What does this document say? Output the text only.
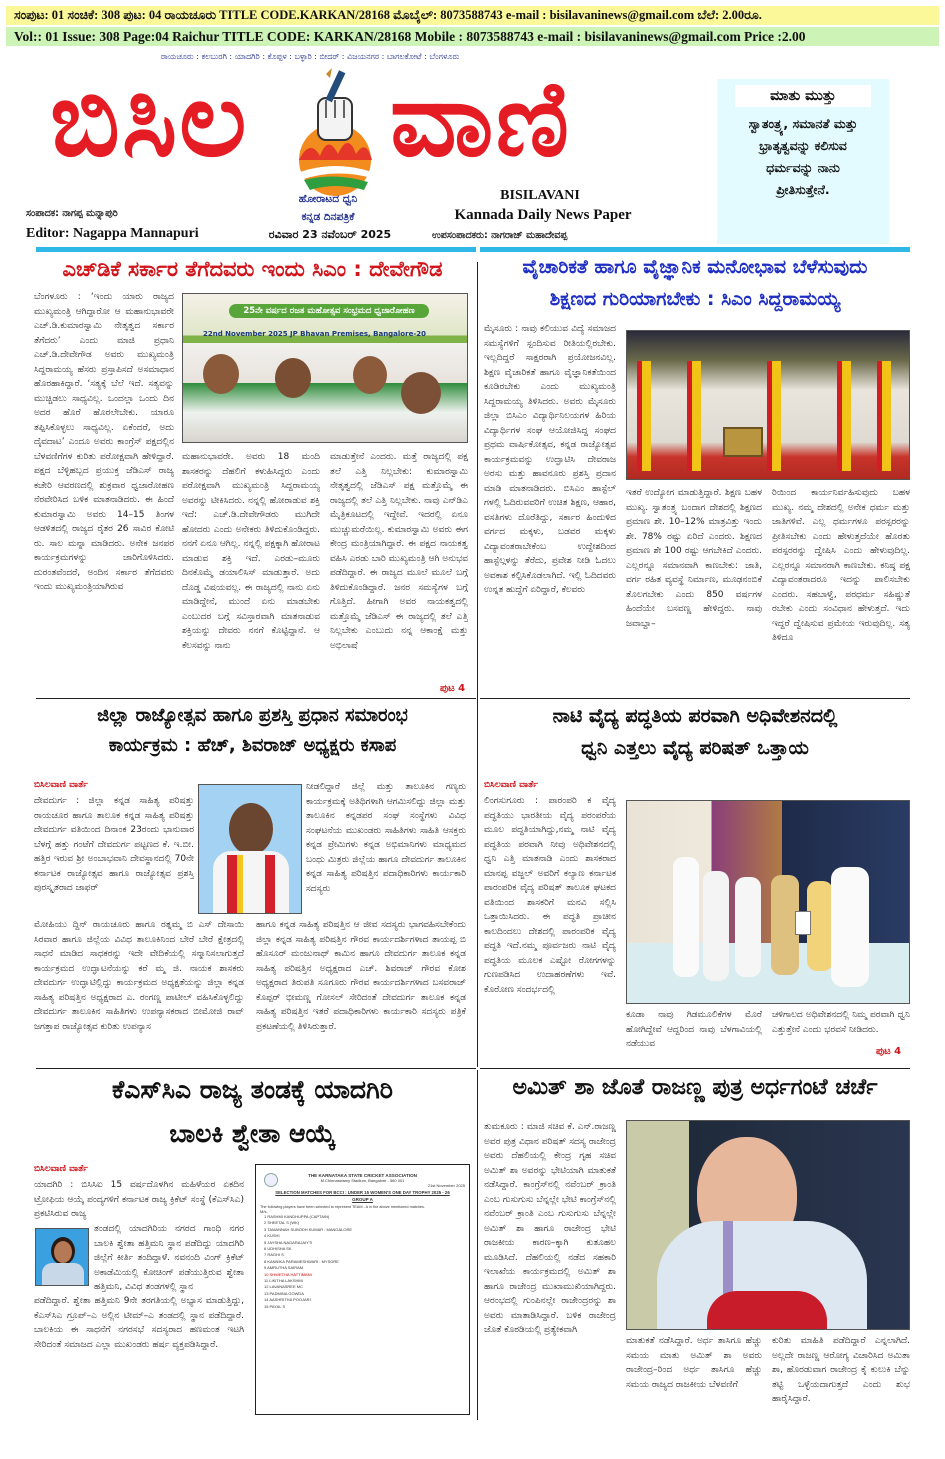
ಸಂಪುಟ: 01 ಸಂಚಿಕೆ: 308 ಪುಟ: 04 ರಾಯಚೂರು TITLE CODE.KARKAN/28168 ಮೊಬೈಲ್: 8073588743 e-mail : bisilavaninews@gmail.com ಬೆಲೆ: 2.00ರೂ.
Vol:: 01 Issue: 308 Page:04 Raichur TITLE CODE: KARKAN/28168 Mobile : 8073588743 e-mail : bisilavaninews@gmail.com Price :2.00
ರಾಯಚೂರು : ಕಲಬುರಗಿ : ಯಾದಗಿರಿ : ಕೊಪ್ಪಳ : ಬಳ್ಳಾರಿ : ಬೀದರ್ : ವಿಜಯನಗರ : ಬಾಗಲಕೋಟೆ : ಬೆಂಗಳೂರು
ಬಿಸಿಲ ವಾಣಿ
ಹೋರಾಟದ ಧ್ವನಿ
ಕನ್ನಡ ದಿನಪತ್ರಿಕೆ
ರವಿವಾರ 23 ನವೆಂಬರ್ 2025
ಸಂಪಾದಕ: ನಾಗಪ್ಪ ಮನ್ನಾಪುರಿ
Editor: Nagappa Mannapuri
BISILAVANI
Kannada Daily News Paper
ಉಪಸಂಪಾದಕರು: ನಾಗರಾಜ್ ಮಹಾದೇವಪ್ಪ
ಮಾತು ಮುತ್ತು
ಸ್ವಾತಂತ್ರ್ಯ, ಸಮಾನತೆ ಮತ್ತು
ಭ್ರಾತೃತ್ವವನ್ನು ಕಲಿಸುವ
ಧರ್ಮವನ್ನು ನಾನು
ಪ್ರೀತಿಸುತ್ತೇನೆ.
ಎಚ್‌ಡಿಕೆ ಸರ್ಕಾರ ತೆಗೆದವರು ಇಂದು ಸಿಎಂ : ದೇವೇಗೌಡ
25ನೇ ವರ್ಷದ ರಜತ ಮಹೋತ್ಸವ ಸಂಭ್ರಮದ ಧ್ವಜಾರೋಹಣ
22nd November 2025 JP Bhavan Premises, Bangalore-20
ಬೆಂಗಳೂರು : ‘ಇಂದು ಯಾರು ರಾಜ್ಯದ ಮುಖ್ಯಮಂತ್ರಿ ಆಗಿದ್ದಾರೋ ಆ ಮಹಾನುಭಾವರೇ ಎಚ್.ಡಿ.ಕುಮಾರಸ್ವಾಮಿ ನೇತೃತ್ವದ ಸರ್ಕಾರ ತೆಗೆದರು’ ಎಂದು ಮಾಜಿ ಪ್ರಧಾನಿ ಎಚ್.ಡಿ.ದೇವೇಗೌಡ ಅವರು ಮುಖ್ಯಮಂತ್ರಿ ಸಿದ್ದರಾಮಯ್ಯ ಹೆಸರು ಪ್ರಸ್ತಾಪಿಸದೆ ಅಸಮಾಧಾನ ಹೊರಹಾಕಿದ್ದಾರೆ. ‘ಸತ್ಯಕ್ಕೆ ಬೆಲೆ ಇದೆ. ಸತ್ಯವನ್ನು ಮುಚ್ಚಿಡಲು ಸಾಧ್ಯವಿಲ್ಲ. ಒಂದಲ್ಲಾ ಒಂದು ದಿನ ಅದರ ಹೊರೆ ಹೊರಲೇಬೇಕು. ಯಾರೂ ತಪ್ಪಿಸಿಕೊಳ್ಳಲು ಸಾಧ್ಯವಿಲ್ಲ. ಏಕೆಂದರೆ, ಅದು ದೈವದಾಟ’ ಎಂದೂ ಅವರು ಕಾಂಗ್ರೆಸ್ ಪಕ್ಷದಲ್ಲಿನ ಬೆಳವಣಿಗೆಗಳ ಕುರಿತು ಪರೋಕ್ಷವಾಗಿ ಹೇಳಿದ್ದಾರೆ. ಪಕ್ಷದ ಬೆಳ್ಳಿಹಬ್ಬದ ಪ್ರಯುಕ್ತ ಜೆಡಿಎಸ್ ರಾಜ್ಯ ಕಚೇರಿ ಆವರಣದಲ್ಲಿ ಶುಕ್ರವಾರ ಧ್ವಜಾರೋಹಣ ನೆರವೇರಿಸಿದ ಬಳಿಕ ಮಾತನಾಡಿದರು. ಈ ಹಿಂದೆ ಕುಮಾರಸ್ವಾಮಿ ಅವರು 14–15 ತಿಂಗಳ ಆಡಳಿತದಲ್ಲಿ ರಾಜ್ಯದ ರೈತರ 26 ಸಾವಿರ ಕೋಟಿ ರು. ಸಾಲ ಮನ್ನಾ ಮಾಡಿದರು. ಅನೇಕ ಜನಪರ ಕಾರ್ಯಕ್ರಮಗಳನ್ನು ಜಾರಿಗೊಳಿಸಿದರು. ದುರಂತವೆಂದರೆ, ಅಂದಿನ ಸರ್ಕಾರ ತೆಗೆದವರು ಇಂದು ಮುಖ್ಯಮಂತ್ರಿಯಾಗಿರುವ
ಮಹಾನುಭಾವರೇ. ಅವರು 18 ಮಂದಿ ಶಾಸಕರನ್ನು ದೆಹಲಿಗೆ ಕಳುಹಿಸಿದ್ದರು ಎಂದು ಪರೋಕ್ಷವಾಗಿ ಮುಖ್ಯಮಂತ್ರಿ ಸಿದ್ದರಾಮಯ್ಯ ಅವರನ್ನು ಟೀಕಿಸಿದರು. ನನ್ನಲ್ಲಿ ಹೋರಾಡುವ ಶಕ್ತಿ ಇದೆ: ಎಚ್.ಡಿ.ದೇವೇಗೌಡರು ಮುಗಿದೇ ಹೋದರು ಎಂದು ಅನೇಕರು ತಿಳಿದುಕೊಂಡಿದ್ದರು. ನನಗೆ ಏನೂ ಆಗಿಲ್ಲ. ನನ್ನಲ್ಲಿ ಪಕ್ಷಕ್ಕಾಗಿ ಹೋರಾಟ ಮಾಡುವ ಶಕ್ತಿ ಇದೆ. ಎರಡು–ಮೂರು ದಿನಕೊಮ್ಮೆ ಡಯಾಲಿಸಿಸ್ ಮಾಡುತ್ತಾರೆ. ಅದು ದೊಡ್ಡ ವಿಷಯವಲ್ಲ. ಈ ರಾಜ್ಯದಲ್ಲಿ ನಾನು ಏನು ಮಾಡಿದ್ದೇನೆ, ಮುಂದೆ ಏನು ಮಾಡಬೇಕು ಎಂಬುದರ ಬಗ್ಗೆ ಸವಿಸ್ತಾರವಾಗಿ ಮಾತನಾಡುವ ಶಕ್ತಿಯನ್ನು ದೇವರು ನನಗೆ ಕೊಟ್ಟಿದ್ದಾನೆ. ಆ ಕೆಲಸವನ್ನು ನಾನು
ಮಾಡುತ್ತೇನೆ ಎಂದರು. ಮತ್ತೆ ರಾಜ್ಯದಲ್ಲಿ ಪಕ್ಷ ತಲೆ ಎತ್ತಿ ನಿಲ್ಲಬೇಕು: ಕುಮಾರಸ್ವಾಮಿ ನೇತೃತ್ವದಲ್ಲಿ ಜೆಡಿಎಸ್ ಪಕ್ಷ ಮತ್ತೊಮ್ಮೆ ಈ ರಾಜ್ಯದಲ್ಲಿ ತಲೆ ಎತ್ತಿ ನಿಲ್ಲಬೇಕು. ನಾವು ಎನ್‌ಡಿಎ ಮೈತ್ರಿಕೂಟದಲ್ಲಿ ಇದ್ದೇವೆ. ಇದರಲ್ಲಿ ಏನೂ ಮುಚ್ಚುಮರೆಯಿಲ್ಲ. ಕುಮಾರಸ್ವಾಮಿ ಅವರು ಈಗ ಕೇಂದ್ರ ಮಂತ್ರಿಯಾಗಿದ್ದಾರೆ. ಈ ಪಕ್ಷದ ನಾಯಕತ್ವ ವಹಿಸಿ ಎರಡು ಬಾರಿ ಮುಖ್ಯಮಂತ್ರಿ ಆಗಿ ಅನುಭವ ಪಡೆದಿದ್ದಾರೆ. ಈ ರಾಜ್ಯದ ಮೂಲೆ ಮೂಲೆ ಬಗ್ಗೆ ತಿಳಿದುಕೊಂಡಿದ್ದಾರೆ. ಜನರ ಸಮಸ್ಯೆಗಳ ಬಗ್ಗೆ ಗೊತ್ತಿದೆ. ಹೀಗಾಗಿ ಅವರ ನಾಯಕತ್ವದಲ್ಲಿ ಮತ್ತೊಮ್ಮೆ ಜೆಡಿಎಸ್ ಈ ರಾಜ್ಯದಲ್ಲಿ ತಲೆ ಎತ್ತಿ ನಿಲ್ಲಬೇಕು ಎಂಬುದು ನನ್ನ ಆಕಾಂಕ್ಷೆ ಮತ್ತು ಅಭಿಲಾಷೆ
ಪುಟ 4
ವೈಚಾರಿಕತೆ ಹಾಗೂ ವೈಜ್ಞಾನಿಕ ಮನೋಭಾವ ಬೆಳೆಸುವುದು
ಶಿಕ್ಷಣದ ಗುರಿಯಾಗಬೇಕು : ಸಿಎಂ ಸಿದ್ದರಾಮಯ್ಯ
ಮೈಸೂರು : ನಾವು ಕಲಿಯುವ ವಿದ್ಯೆ ಸಮಾಜದ ಸಮಸ್ಯೆಗಳಿಗೆ ಸ್ಪಂದಿಸುವ ರೀತಿಯಲ್ಲಿರಬೇಕು. ಇಲ್ಲದಿದ್ದರೆ ಸಾಕ್ಷರರಾಗಿ ಪ್ರಯೋಜನವಿಲ್ಲ. ಶಿಕ್ಷಣ ವೈಚಾರಿಕತೆ ಹಾಗೂ ವೈಜ್ಞಾನಿಕತೆಯಿಂದ ಕೂಡಿರಬೇಕು ಎಂದು ಮುಖ್ಯಮಂತ್ರಿ ಸಿದ್ದರಾಮಯ್ಯ ತಿಳಿಸಿದರು. ಅವರು ಮೈಸೂರು ಜಿಲ್ಲಾ ಬಿಸಿಎಂ ವಿದ್ಯಾರ್ಥಿನಿಲಯಗಳ ಹಿರಿಯ ವಿದ್ಯಾರ್ಥಿಗಳ ಸಂಘ ಆಯೋಜಿಸಿದ್ದ ಸಂಘದ ಪ್ರಥಮ ವಾರ್ಷಿಕೋತ್ಸವ, ಕನ್ನಡ ರಾಜ್ಯೋತ್ಸವ ಕಾರ್ಯಕ್ರಮವನ್ನು ಉದ್ಘಾಟಿಸಿ ದೇವರಾಜ ಅರಸು ಮತ್ತು ಹಾವನೂರು ಪ್ರಶಸ್ತಿ ಪ್ರದಾನ ಮಾಡಿ ಮಾತನಾಡಿದರು. ಬಿಸಿಎಂ ಹಾಸ್ಟೆಲ್ ಗಳಲ್ಲಿ ಓದಿರುವವರಿಗೆ ಉಚಿತ ಶಿಕ್ಷಣ, ಆಹಾರ, ವಸತಿಗಳು ದೊರೆತಿದ್ದು, ಸರ್ಕಾರ ಹಿಂದುಳಿದ ವರ್ಗದ ಮಕ್ಕಳು, ಬಡವರ ಮಕ್ಕಳು ವಿದ್ಯಾವಂತರಾಬೇಕೆಂಬ ಉದ್ದೇಶದಿಂದ ಹಾಸ್ಟೆಲ್ಗಳನ್ನು ತೆರೆದು, ಪ್ರವೇಶ ನೀಡಿ ಓದಲು ಅವಕಾಶ ಕಲ್ಪಿಸಿಕೊಡಲಾಗಿದೆ. ಇಲ್ಲಿ ಓದಿದವರು ಉನ್ನತ ಹುದ್ದೆಗೆ ಏರಿದ್ದಾರೆ, ಕೆಲವರು
ಇತರೆ ಉದ್ಯೋಗ ಮಾಡುತ್ತಿದ್ದಾರೆ. ಶಿಕ್ಷಣ ಬಹಳ ಮುಖ್ಯ. ಸ್ವಾತಂತ್ರ್ಯ ಬಂದಾಗ ದೇಶದಲ್ಲಿ ಶಿಕ್ಷಣದ ಪ್ರಮಾಣ ಶೇ. 10–12% ಮಾತ್ರವಿತ್ತು ಇಂದು ಶೇ. 78% ರಷ್ಟು ಏರಿದೆ ಎಂದರು. ಶಿಕ್ಷಣದ ಪ್ರಮಾಣ ಶೇ 100 ರಷ್ಟು ಆಗಬೇಕಿದೆ ಎಂದರು. ಎಲ್ಲರನ್ನೂ ಸಮಾನವಾಗಿ ಕಾಣಬೇಕು: ಜಾತಿ, ವರ್ಗ ರಹಿತ ವ್ಯವಸ್ಥೆ ನಿರ್ಮಾಣ, ಮೂಢನಂಬಿಕೆ ತೊಲಗಬೇಕು ಎಂದು 850 ವರ್ಷಗಳ ಹಿಂದೆಯೇ ಬಸವಣ್ಣ ಹೇಳಿದ್ದರು. ನಾವು ಜವಾಬ್ದಾ–
ರಿಯಿಂದ ಕಾರ್ಯನಿರ್ವಹಿಸುವುದು ಬಹಳ ಮುಖ್ಯ. ನಮ್ಮ ದೇಶದಲ್ಲಿ ಅನೇಕ ಧರ್ಮ ಮತ್ತು ಜಾತಿಗಳಿವೆ. ಎಲ್ಲ ಧರ್ಮಗಳೂ ಪರಸ್ಪರರನ್ನು ಪ್ರೀತಿಸಬೇಕು ಎಂದು ಹೇಳುತ್ತದೆಯೇ ಹೊರತು ಪರಸ್ಪರರನ್ನು ದ್ವೇಷಿಸಿ ಎಂದು ಹೇಳುವುದಿಲ್ಲ. ಎಲ್ಲರನ್ನೂ ಸಮಾನರಾಗಿ ಕಾಣಬೇಕು. ಕನಿಷ್ಠ ಪಕ್ಷ ವಿದ್ಯಾವಂತರಾದರೂ ಇದನ್ನು ಪಾಲಿಸಬೇಕು ಎಂದರು. ಸಹಬಾಳ್ವೆ, ಪರಧರ್ಮ ಸಹಿಷ್ಣುತೆ ರಬೇಕು ಎಂದು ಸಂವಿಧಾನ ಹೇಳುತ್ತದೆ. ಇದು ಇದ್ದರೆ ದ್ವೇಷಿಸುವ ಪ್ರಮೇಯ ಇರುವುದಿಲ್ಲ. ಸತ್ಯ ತಿಳಿದೂ
ಜಿಲ್ಲಾ ರಾಜ್ಯೋತ್ಸವ ಹಾಗೂ ಪ್ರಶಸ್ತಿ ಪ್ರಧಾನ ಸಮಾರಂಭ
ಕಾರ್ಯಕ್ರಮ : ಹೆಚ್, ಶಿವರಾಜ್ ಅಧ್ಯಕ್ಷರು ಕಸಾಪ
ಬಿಸಿಲವಾಣಿ ವಾರ್ತೆ
ದೇವದುರ್ಗ : ಜಿಲ್ಲಾ ಕನ್ನಡ ಸಾಹಿತ್ಯ ಪರಿಷತ್ತು ರಾಯಚೂರ ಹಾಗೂ ತಾಲೂಕ ಕನ್ನಡ ಸಾಹಿತ್ಯ ಪರಿಷತ್ತು ದೇವದುರ್ಗ ವತಿಯಿಂದ ದಿನಾಂಕ 23ರಂದು ಭಾನುವಾರ ಬೆಳಗ್ಗೆ ಹತ್ತು ಗಂಟೆಗೆ ದೇವದುರ್ಗ ಪಟ್ಟಣದ ಕೆ. ಇ.ಬೀ. ಹತ್ತಿರ ಇರುವ ಶ್ರೀ ಅಂಬಾಭವಾನಿ ದೇವಸ್ಥಾನದಲ್ಲಿ 70ನೇ ಕರ್ನಾಟಕ ರಾಜ್ಯೋತ್ಸವ ಹಾಗೂ ರಾಜ್ಯೋತ್ಸವ ಪ್ರಶಸ್ತಿ ಪುರಸ್ಕೃತರಾದ ಜಾಫರ್
ನೀಡಲಿದ್ದಾರೆ ಜಿಲ್ಲೆ ಮತ್ತು ತಾಲೂಕಿನ ಗಣ್ಯರು ಕಾರ್ಯಕ್ರಮಕ್ಕೆ ಅತಿಥಿಗಳಾಗಿ ಆಗಮಿಸಲಿದ್ದು ಜಿಲ್ಲಾ ಮತ್ತು ತಾಲೂಕಿನ ಕನ್ನಡಪರ ಸಂಘ ಸಂಸ್ಥೆಗಳು ವಿವಿಧ ಸಂಘಟನೆಯ ಮುಖಂಡರು ಸಾಹಿತಿಗಳು ಸಾಹಿತಿ ಆಸಕ್ತರು ಕನ್ನಡ ಪ್ರೇಮಿಗಳು ಕನ್ನಡ ಅಭಿಮಾನಿಗಳು ಮಾಧ್ಯಮದ ಬಂಧು ಮಿತ್ರರು ಜಿಲ್ಲೆಯ ಹಾಗೂ ದೇವದುರ್ಗ ತಾಲೂಕಿನ ಕನ್ನಡ ಸಾಹಿತ್ಯ ಪರಿಷತ್ತಿನ ಪದಾಧಿಕಾರಿಗಳು ಕಾರ್ಯಕಾರಿ ಸದಸ್ಯರು
ಮೋಹಿಯು ದ್ದಿನ್ ರಾಯಚೂರು ಹಾಗೂ ರತ್ನಮ್ಮ ಬಿ ಎಸ್ ದೇಸಾಯಿ ಸಿರವಾರ ಹಾಗೂ ಜಿಲ್ಲೆಯ ವಿವಿಧ ತಾಲೂಕಿನಿಂದ ಬೇರೆ ಬೇರೆ ಕ್ಷೇತ್ರದಲ್ಲಿ ಸಾಧನೆ ಮಾಡಿದ ಸಾಧಕರನ್ನು ಇದೇ ವೇದಿಕೆಯಲ್ಲಿ ಸನ್ಮಾನಿಸಲಾಗುತ್ತದೆ ಕಾರ್ಯಕ್ರಮದ ಉದ್ಘಾಟನೆಯನ್ನು ಕರೆ ಮ್ಮ ಜಿ. ನಾಯಕ ಶಾಸಕರು ದೇವದುರ್ಗ ಉದ್ಘಾಟಿಲ್ಲಿದ್ದು ಕಾರ್ಯಕ್ರಮದ ಅಧ್ಯಕ್ಷತೆಯನ್ನು ಜಿಲ್ಲಾ ಕನ್ನಡ ಸಾಹಿತ್ಯ ಪರಿಷತ್ತಿನ ಅಧ್ಯಕ್ಷರಾದ ಎ. ರಂಗಣ್ಣ ಪಾಟೀಲ್ ವಹಿಸಿಕೊಳ್ಳಲಿದ್ದು ದೇವದುರ್ಗ ತಾಲೂಕಿನ ಸಾಹಿತಿಗಳು ಉಪನ್ಯಾಸಕರಾದ ಬೀಮೋಜಿ ರಾವ್ ಜಗತ್ತಾಪ ರಾಜ್ಯೋತ್ಸವ ಕುರಿತು ಉಪನ್ಯಾಸ
ಹಾಗೂ ಕನ್ನಡ ಸಾಹಿತ್ಯ ಪರಿಷತ್ತಿನ ಆ ಜೀವ ಸದಸ್ಯರು ಭಾಗವಹಿಸಬೇಕೆಂದು ಜಿಲ್ಲಾ ಕನ್ನಡ ಸಾಹಿತ್ಯ ಪರಿಷತ್ತಿನ ಗೌರವ ಕಾರ್ಯದರ್ಶಿಗಳಾದ ತಾಯಪ್ಪ ಬಿ ಹೊಸೂರ್ ಮಂಜುನಾಥ್ ಕಾಮಿನ ಹಾಗೂ ದೇವದುರ್ಗ ತಾಲೂಕ ಕನ್ನಡ ಸಾಹಿತ್ಯ ಪರಿಷತ್ತಿನ ಅಧ್ಯಕ್ಷರಾದ ಎಚ್. ಶಿವರಾಜ್ ಗೌರವ ಕೋಶ ಅಧ್ಯಕ್ಷರಾದ ತಿರುಪತಿ ಸೂಗೂರು ಗೌರವ ಕಾರ್ಯದರ್ಶಿಗಳಾದ ಬಸವರಾಜ್ ಕೊಪ್ಪರ್ ಭೀಮಣ್ಣ ಗೋಸಲ್ ಸೇರಿದಂತೆ ದೇವದುರ್ಗ ತಾಲೂಕ ಕನ್ನಡ ಸಾಹಿತ್ಯ ಪರಿಷತ್ತಿನ ಇತರೆ ಪದಾಧಿಕಾರಿಗಳು ಕಾರ್ಯಕಾರಿ ಸದಸ್ಯರು ಪತ್ರಿಕೆ ಪ್ರಕಟಣೆಯಲ್ಲಿ ತಿಳಿಸಿರುತ್ತಾರೆ.
ನಾಟಿ ವೈದ್ಯ ಪದ್ಧತಿಯ ಪರವಾಗಿ ಅಧಿವೇಶನದಲ್ಲಿ
ಧ್ವನಿ ಎತ್ತಲು ವೈದ್ಯ ಪರಿಷತ್ ಒತ್ತಾಯ
ಬಿಸಿಲವಾಣಿ ವಾರ್ತೆ
ಲಿಂಗಸುಗೂರು : ಪಾರಂಪರಿ ಕ ವೈದ್ಯ ಪದ್ಧತಿಯು ಭಾರತೀಯ ವೈದ್ಯ ಪರಂಪರೆಯ ಮೂಲ ಪದ್ಧತಿಯಾಗಿದ್ದು,ನಮ್ಮ ನಾಟಿ ವೈದ್ಯ ಪದ್ಧತಿಯ ಪರವಾಗಿ ನೀವು ಅಧಿವೇಶನದಲ್ಲಿ ಧ್ವನಿ ಎತ್ತಿ ಮಾತನಾಡಿ ಎಂದು ಶಾಸಕರಾದ ಮಾನಪ್ಪ ವಜ್ಜಲ್ ಅವರಿಗೆ ಕಲ್ಯಾಣ ಕರ್ನಾಟಕ ಪಾರಂಪರಿಕ ವೈದ್ಯ ಪರಿಷತ್ ತಾಲೂಕ ಘಟಕದ ವತಿಯಿಂದ ಶಾಸಕರಿಗೆ ಮನವಿ ಸಲ್ಲಿಸಿ ಒತ್ತಾಯಿಸಿದರು. ಈ ಪದ್ಧತಿ ಪ್ರಾಚೀನ ಕಾಲದಿಂದಲು ದೇಶದಲ್ಲಿ ಪಾರಂಪರಿಕ ವೈದ್ಯ ಪದ್ಧತಿ ಇದೆ.ನಮ್ಮ ಪೂರ್ವಜರು ನಾಟಿ ವೈದ್ಯ ಪದ್ಧತಿಯ ಮೂಲಕ ಎಷ್ಟೋ ರೋಗಗಳನ್ನು ಗುಣಪಡಿಸಿದ ಉದಾಹರಣೆಗಳು ಇವೆ. ಕೊರೋಣ ಸಂದರ್ಭದಲ್ಲಿ
ಕೂಡಾ ನಾವು ಗಿಡಮೂಲಿಕೆಗಳ ಮೊರೆ ಹೋಗಿದ್ದೇವೆ ಆದ್ದರಿಂದ ನಾವು ಬೆಳಗಾವಿಯಲ್ಲಿ ನಡೆಯುವ
ಚಳಿಗಾಲದ ಅಧಿವೇಶನದಲ್ಲಿ ನಿಮ್ಮ ಪರವಾಗಿ ಧ್ವನಿ ಎತ್ತುತ್ತೇನೆ ಎಂದು ಭರವಸೆ ನೀಡಿದರು.
ಪುಟ 4
ಕೆಎಸ್‌ಸಿಎ ರಾಜ್ಯ ತಂಡಕ್ಕೆ ಯಾದಗಿರಿ
ಬಾಲಕಿ ಶ್ವೇತಾ ಆಯ್ಕೆ
ಬಿಸಿಲವಾಣಿ ವಾರ್ತೆ
ಯಾದಗಿರಿ : ಬಿಸಿಸಿಐ 15 ವರ್ಷದೊಳಗಿನ ಮಹಿಳೆಯರ ಏಕದಿನ ಟ್ರೋಫಿಯ ಆಯ್ಕೆ ಪಂದ್ಯಗಳಿಗೆ ಕರ್ನಾಟಕ ರಾಜ್ಯ ಕ್ರಿಕೆಟ್ ಸಂಸ್ಥೆ (ಕೆಎಸ್‌ಸಿಎ) ಪ್ರಕಟಿಸಿರುವ ರಾಜ್ಯ
ತಂಡದಲ್ಲಿ ಯಾದಗಿರಿಯ ನಗರದ ಗಾಂಧಿ ನಗರ ಬಾಲಕಿ ಶ್ವೇತಾ ಹತ್ತಿಮನಿ ಸ್ಥಾನ ಪಡೆದಿದ್ದು ಯಾದಗಿರಿ ಜಿಲ್ಲೆಗೆ ಕೀರ್ತಿ ತಂದಿದ್ದಾಳೆ. ನವನಂದಿ ವಿಂಗ್ ಕ್ರಿಕೆಟ್ ಅಕಾಡೆಮಿಯಲ್ಲಿ ಕೋಚಿಂಗ್ ಪಡೆಯುತ್ತಿರುವ ಶ್ವೇತಾ ಹತ್ತಿಮನಿ, ವಿವಿಧ ತಂಡಗಳಲ್ಲಿ ಸ್ಥಾನ
ಪಡೆದಿದ್ದಾರೆ. ಶ್ವೇತಾ ಹತ್ತಿಮನಿ 9ನೇ ತರಗತಿಯಲ್ಲಿ ಅಭ್ಯಾಸ ಮಾಡುತ್ತಿದ್ದು, ಕೆಎಸ್‌ಸಿಎ ಗ್ರೂಪ್–ಎ ಅಲ್ಲಿನ ಟೀಮ್–ಎ ತಂಡದಲ್ಲಿ ಸ್ಥಾನ ಪಡೆದಿದ್ದಾರೆ. ಬಾಲಕಿಯ ಈ ಸಾಧನೆಗೆ ನಗರಸಭೆ ಸದಸ್ಯರಾದ ಹಣಮಂತ ಇಟಗಿ ಸೇರಿದಂತೆ ಸಮಾಜದ ಎಲ್ಲಾ ಮುಖಂಡರು ಹರ್ಷ ವ್ಯಕ್ತಪಡಿಸಿದ್ದಾರೆ.
THE KARNATAKA STATE CRICKET ASSOCIATION
M.Chinnaswamy Stadium, Bangalore - 560 001
21st November 2025
SELECTION MATCHES FOR BCCI : UNDER 15 WOMEN'S ONE DAY TROPHY 2025 - 26
GROUP A
The following players have been selected to represent TEAM - A in the above mentioned matches.
M/s.
1 RASHMI KANDHUPPA (CAPTAIN)
2 SHEETAL S (WK)
3 TAMANNAH SUBODH KUMAR : MANGALORE
4 KUSHI
5 JAYSHA NAGARAJAIYTI
6 UDHISHA SK
7 RAGHI S
8 KANNIKA PARAMESHWARI : MYSORE
9 AMRUTHA SAIRAM
10 SHWETHA HATTIMANI
11 LIKITHA LAKSHMI
12 LAVANASREE MC
13 PADMINA GOWDA
14 AASHRITHA POOJARI
15 PAYAL S
ಅಮಿತ್ ಶಾ ಜೊತೆ ರಾಜಣ್ಣ ಪುತ್ರ ಅರ್ಧಗಂಟೆ ಚರ್ಚೆ
ತುಮಕೂರು : ಮಾಜಿ ಸಚಿವ ಕೆ. ಎನ್.ರಾಜಣ್ಣ ಅವರ ಪುತ್ರ ವಿಧಾನ ಪರಿಷತ್ ಸದಸ್ಯ ರಾಜೇಂದ್ರ ಅವರು ದೆಹಲಿಯಲ್ಲಿ ಕೇಂದ್ರ ಗೃಹ ಸಚಿವ ಅಮಿತ್ ಶಾ ಅವರನ್ನು ಭೇಟಿಯಾಗಿ ಮಾತುಕತೆ ನಡೆಸಿದ್ದಾರೆ. ಕಾಂಗ್ರೆಸ್‌ನಲ್ಲಿ ನವೆಂಬರ್ ಕ್ರಾಂತಿ ಎಂಬ ಗುಸುಗುಸು ಬೆನ್ನಲ್ಲೇ ಭೇಟಿ ಕಾಂಗ್ರೆಸ್‌ನಲ್ಲಿ ನವೆಂಬರ್ ಕ್ರಾಂತಿ ಎಂಬ ಗುಸುಗುಸು ಬೆನ್ನಲ್ಲೇ ಅಮಿತ್ ಶಾ ಹಾಗೂ ರಾಜೇಂದ್ರ ಭೇಟಿ ರಾಜಕೀಯ ಕಾರಣ–ಕ್ಕಾಗಿ ಕುತೂಹಲ ಮೂಡಿಸಿದೆ. ದೆಹಲಿಯಲ್ಲಿ ನಡೆದ ಸಹಕಾರಿ ಇಲಾಖೆಯ ಕಾರ್ಯಕ್ರಮದಲ್ಲಿ ಅಮಿತ್ ಶಾ ಹಾಗೂ ರಾಜೇಂದ್ರ ಮುಖಾಮುಖಿಯಾಗಿದ್ದರು. ಆರಂಭದಲ್ಲಿ ಗುಂಪಿನಲ್ಲೇ ರಾಜೇಂದ್ರರನ್ನು ಶಾ ಅವರು ಮಾತಾಡಿಸಿದ್ದಾರೆ. ಬಳಿಕ ರಾಜೇಂದ್ರ ಜೊತೆ ಕೊಠಡಿಯಲ್ಲಿ ಪ್ರತ್ಯೇಕವಾಗಿ
ಮಾತುಕತೆ ನಡೆಸಿದ್ದಾರೆ. ಅರ್ಧ ತಾಸಿಗೂ ಹೆಚ್ಚು ಸಮಯ ಮಾತು ಅಮಿತ್ ಶಾ ಅವರು ರಾಜೇಂದ್ರ–ರಿಂದ ಅರ್ಧ ತಾಸಿಗೂ ಹೆಚ್ಚು ಸಮಯ ರಾಜ್ಯದ ರಾಜಕೀಯ ಬೆಳವಣಿಗೆ
ಕುರಿತು ಮಾಹಿತಿ ಪಡೆದಿದ್ದಾರೆ ಎನ್ನಲಾಗಿದೆ. ಅಲ್ಲದೇ ರಾಜಣ್ಣ ಆರೋಗ್ಯ ವಿಚಾರಿಸಿದ ಅಮಿತಾ ಶಾ, ಹೊರಡುವಾಗ ರಾಜೇಂದ್ರ ಕೈ ಕುಲುಕಿ ಬೆನ್ನು ತಟ್ಟಿ ಒಳ್ಳೆಯದಾಗುತ್ತದೆ ಎಂದು ಶುಭ ಹಾರೈಸಿದ್ದಾರೆ.
